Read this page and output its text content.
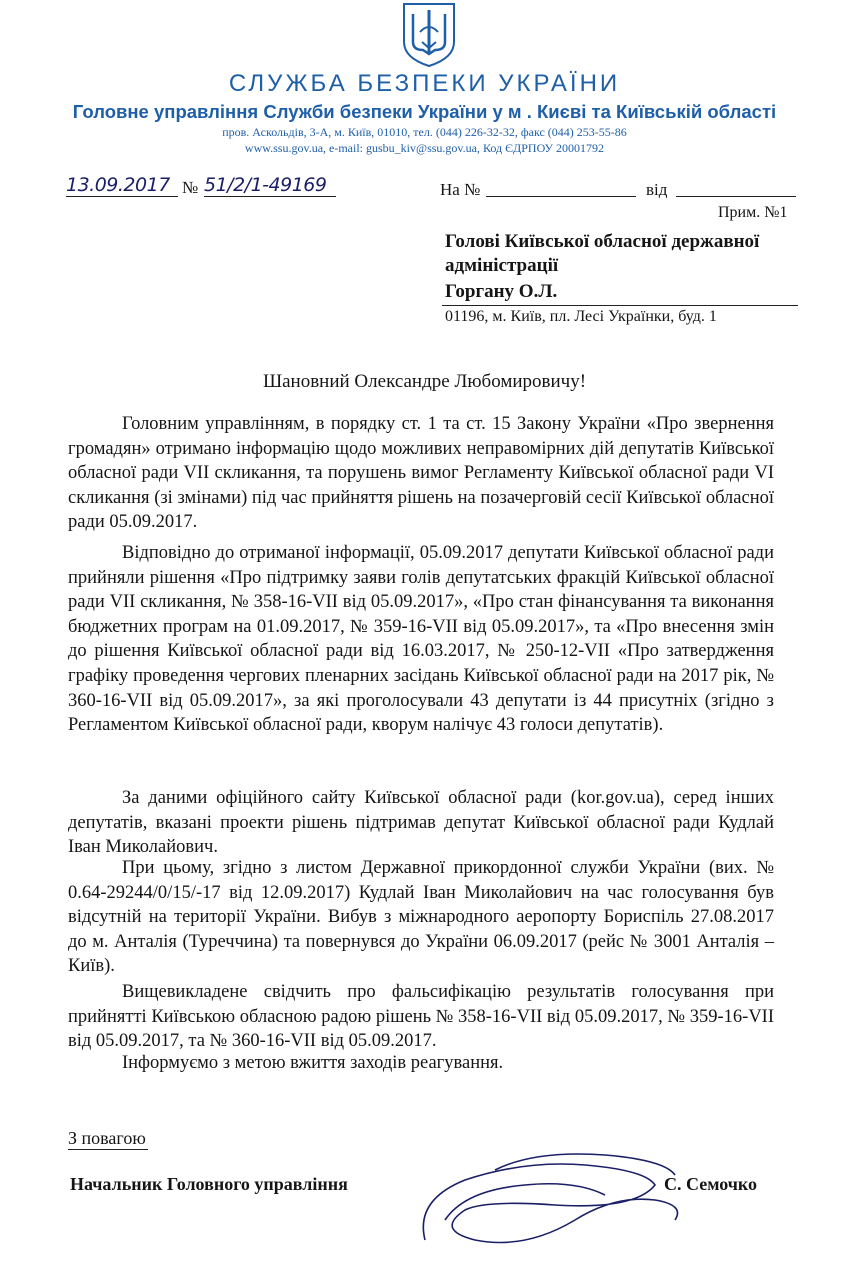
СЛУЖБА БЕЗПЕКИ УКРАЇНИ
Головне управління Служби безпеки України у м . Києві та Київській області
пров. Аскольдів, 3-А, м. Київ, 01010, тел. (044) 226-32-32, факс (044) 253-55-86
www.ssu.gov.ua, e-mail: gusbu_kiv@ssu.gov.ua, Код ЄДРПОУ 20001792
13.09.2017 № 51/2/1-49169	На №	від
Прим. №1
Голові Київської обласної державної
адміністрації
Горгану О.Л.
01196, м. Київ, пл. Лесі Українки, буд. 1
Шановний Олександре Любомировичу!

Головним управлінням, в порядку ст. 1 та ст. 15 Закону України «Про звернення громадян» отримано інформацію щодо можливих неправомірних дій депутатів Київської обласної ради VII скликання, та порушень вимог Регламенту Київської обласної ради VI скликання (зі змінами) під час прийняття рішень на позачерговій сесії Київської обласної ради 05.09.2017.

Відповідно до отриманої інформації, 05.09.2017 депутати Київської обласної ради прийняли рішення «Про підтримку заяви голів депутатських фракцій Київської обласної ради VII скликання, № 358-16-VII від 05.09.2017», «Про стан фінансування та виконання бюджетних програм на 01.09.2017, № 359-16-VII від 05.09.2017», та «Про внесення змін до рішення Київської обласної ради від 16.03.2017, № 250-12-VII «Про затвердження графіку проведення чергових пленарних засідань Київської обласної ради на 2017 рік, № 360-16-VII від 05.09.2017», за які проголосували 43 депутати із 44 присутніх (згідно з Регламентом Київської обласної ради, кворум налічує 43 голоси депутатів).

За даними офіційного сайту Київської обласної ради (kor.gov.ua), серед інших депутатів, вказані проекти рішень підтримав депутат Київської обласної ради Кудлай Іван Миколайович.

При цьому, згідно з листом Державної прикордонної служби України (вих. № 0.64-29244/0/15/-17 від 12.09.2017) Кудлай Іван Миколайович на час голосування був відсутній на території України. Вибув з міжнародного аеропорту Бориспіль 27.08.2017 до м. Анталія (Туреччина) та повернувся до України 06.09.2017 (рейс № 3001 Анталія – Київ).

Вищевикладене свідчить про фальсифікацію результатів голосування при прийнятті Київською обласною радою рішень № 358-16-VII від 05.09.2017, № 359-16-VII від 05.09.2017, та № 360-16-VII від 05.09.2017.

Інформуємо з метою вжиття заходів реагування.

З повагою
Начальник Головного управління	С. Семочко
